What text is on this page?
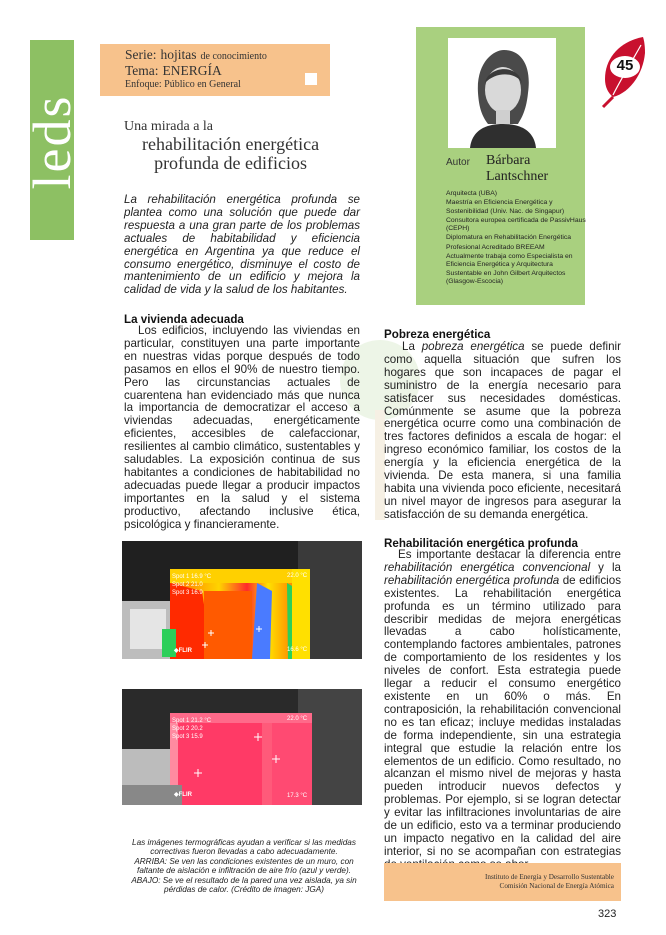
leds
Serie: hojitas de conocimiento
Tema: ENERGÍA
Enfoque: Público en General
45
Autor Bárbara
Lantschner
Arquitecta (UBA)
Maestría en Eficiencia Energética y Sostenibilidad (Univ. Nac. de Singapur)
Consultora europea certificada de PassivHaus (CEPH)
Diplomatura en Rehabilitación Energética
Profesional Acreditado BREEAM
Actualmente trabaja como Especialista en Eficiencia Energética y Arquitectura Sustentable en John Gilbert Arquitectos (Glasgow-Escocia)
Una mirada a la
rehabilitación energética
profunda de edificios
La rehabilitación energética profunda se plantea como una solución que puede dar respuesta a una gran parte de los problemas actuales de habitabilidad y eficiencia energética en Argentina ya que reduce el consumo energético, disminuye el costo de mantenimiento de un edificio y mejora la calidad de vida y la salud de los habitantes.
La vivienda adecuada
Los edificios, incluyendo las viviendas en particular, constituyen una parte importante en nuestras vidas porque después de todo pasamos en ellos el 90% de nuestro tiempo. Pero las circunstancias actuales de cuarentena han evidenciado más que nunca la importancia de democratizar el acceso a viviendas adecuadas, energéticamente eficientes, accesibles de calefaccionar, resilientes al cambio climático, sustentables y saludables. La exposición continua de sus habitantes a condiciones de habitabilidad no adecuadas puede llegar a producir impactos importantes en la salud y el sistema productivo, afectando inclusive ética, psicológica y financieramente.
Spot 1 16.9 °C
Spot 2 21.0
Spot 3 16.9
22.0 °C
16.6 °C
◆FLIR
Spot 1 21.2 °C
Spot 2 20.2
Spot 3 15.9
22.0 °C
17.3 °C
◆FLIR
Las imágenes termográficas ayudan a verificar si las medidas correctivas fueron llevadas a cabo adecuadamente.
ARRIBA: Se ven las condiciones existentes de un muro, con faltante de aislación e infiltración de aire frío (azul y verde).
ABAJO: Se ve el resultado de la pared una vez aislada, ya sin pérdidas de calor. (Crédito de imagen: JGA)
Pobreza energética
La pobreza energética se puede definir como aquella situación que sufren los hogares que son incapaces de pagar el suministro de la energía necesario para satisfacer sus necesidades domésticas. Comúnmente se asume que la pobreza energética ocurre como una combinación de tres factores definidos a escala de hogar: el ingreso económico familiar, los costos de la energía y la eficiencia energética de la vivienda. De esta manera, si una familia habita una vivienda poco eficiente, necesitará un nivel mayor de ingresos para asegurar la satisfacción de su demanda energética.
Rehabilitación energética profunda
Es importante destacar la diferencia entre rehabilitación energética convencional y la rehabilitación energética profunda de edificios existentes. La rehabilitación energética profunda es un término utilizado para describir medidas de mejora energéticas llevadas a cabo holísticamente, contemplando factores ambientales, patrones de comportamiento de los residentes y los niveles de confort. Esta estrategia puede llegar a reducir el consumo energético existente en un 60% o más. En contraposición, la rehabilitación convencional no es tan eficaz; incluye medidas instaladas de forma independiente, sin una estrategia integral que estudie la relación entre los elementos de un edificio. Como resultado, no alcanzan el mismo nivel de mejoras y hasta pueden introducir nuevos defectos y problemas. Por ejemplo, si se logran detectar y evitar las infiltraciones involuntarias de aire de un edificio, esto va a terminar produciendo un impacto negativo en la calidad del aire interior, si no se acompañan con estrategias
Instituto de Energía y Desarrollo Sustentable
Comisión Nacional de Energía Atómica
323
